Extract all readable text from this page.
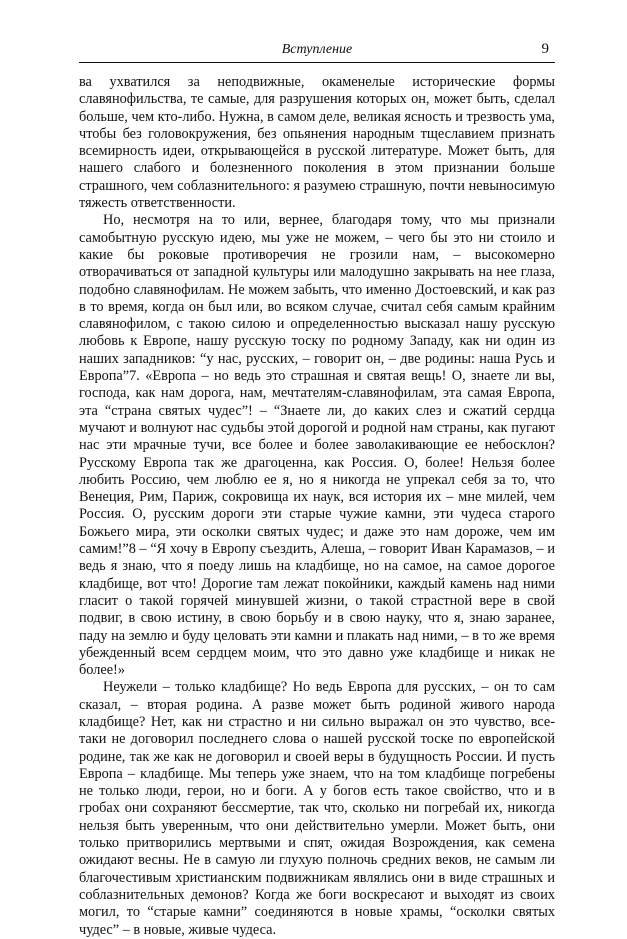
Вступление	9

ва ухватился за неподвижные, окаменелые исторические формы славянофильства, те самые, для разрушения которых он, может быть, сделал больше, чем кто-либо. Нужна, в самом деле, великая ясность и трезвость ума, чтобы без головокружения, без опьянения народным тщеславием признать всемирность идеи, открывающейся в русской литературе. Может быть, для нашего слабого и болезненного поколения в этом признании больше страшного, чем соблазнительного: я разумею страшную, почти невыносимую тяжесть ответственности.

Но, несмотря на то или, вернее, благодаря тому, что мы признали самобытную русскую идею, мы уже не можем, – чего бы это ни стоило и какие бы роковые противоречия не грозили нам, – высокомерно отворачиваться от западной культуры или малодушно закрывать на нее глаза, подобно славянофилам. Не можем забыть, что именно Достоевский, и как раз в то время, когда он был или, во всяком случае, считал себя самым крайним славянофилом, с такою силою и определенностью высказал нашу русскую любовь к Европе, нашу русскую тоску по родному Западу, как ни один из наших западников: “у нас, русских, – говорит он, – две родины: наша Русь и Европа”7. «Европа – но ведь это страшная и святая вещь! О, знаете ли вы, господа, как нам дорога, нам, мечтателям-славянофилам, эта самая Европа, эта “страна святых чудес”! – “Знаете ли, до каких слез и сжатий сердца мучают и волнуют нас судьбы этой дорогой и родной нам страны, как пугают нас эти мрачные тучи, все более и более заволакивающие ее небосклон? Русскому Европа так же драгоценна, как Россия. О, более! Нельзя более любить Россию, чем люблю ее я, но я никогда не упрекал себя за то, что Венеция, Рим, Париж, сокровища их наук, вся история их – мне милей, чем Россия. О, русским дороги эти старые чужие камни, эти чудеса старого Божьего мира, эти осколки святых чудес; и даже это нам дороже, чем им самим!”8 – “Я хочу в Европу съездить, Алеша, – говорит Иван Карамазов, – и ведь я знаю, что я поеду лишь на кладбище, но на самое, на самое дорогое кладбище, вот что! Дорогие там лежат покойники, каждый камень над ними гласит о такой горячей минувшей жизни, о такой страстной вере в свой подвиг, в свою истину, в свою борьбу и в свою науку, что я, знаю заранее, паду на землю и буду целовать эти камни и плакать над ними, – в то же время убежденный всем сердцем моим, что это давно уже кладбище и никак не более!»

Неужели – только кладбище? Но ведь Европа для русских, – он то сам сказал, – вторая родина. А разве может быть родиной живого народа кладбище? Нет, как ни страстно и ни сильно выражал он это чувство, все-таки не договорил последнего слова о нашей русской тоске по европейской родине, так же как не договорил и своей веры в будущность России. И пусть Европа – кладбище. Мы теперь уже знаем, что на том кладбище погребены не только люди, герои, но и боги. А у богов есть такое свойство, что и в гробах они сохраняют бессмертие, так что, сколько ни погребай их, никогда нельзя быть уверенным, что они действительно умерли. Может быть, они только притворились мертвыми и спят, ожидая Возрождения, как семена ожидают весны. Не в самую ли глухую полночь средних веков, не самым ли благочестивым христианским подвижникам являлись они в виде страшных и соблазнительных демонов? Когда же боги воскресают и выходят из своих могил, то “старые камни” соединяются в новые храмы, “осколки святых чудес” – в новые, живые чудеса.
